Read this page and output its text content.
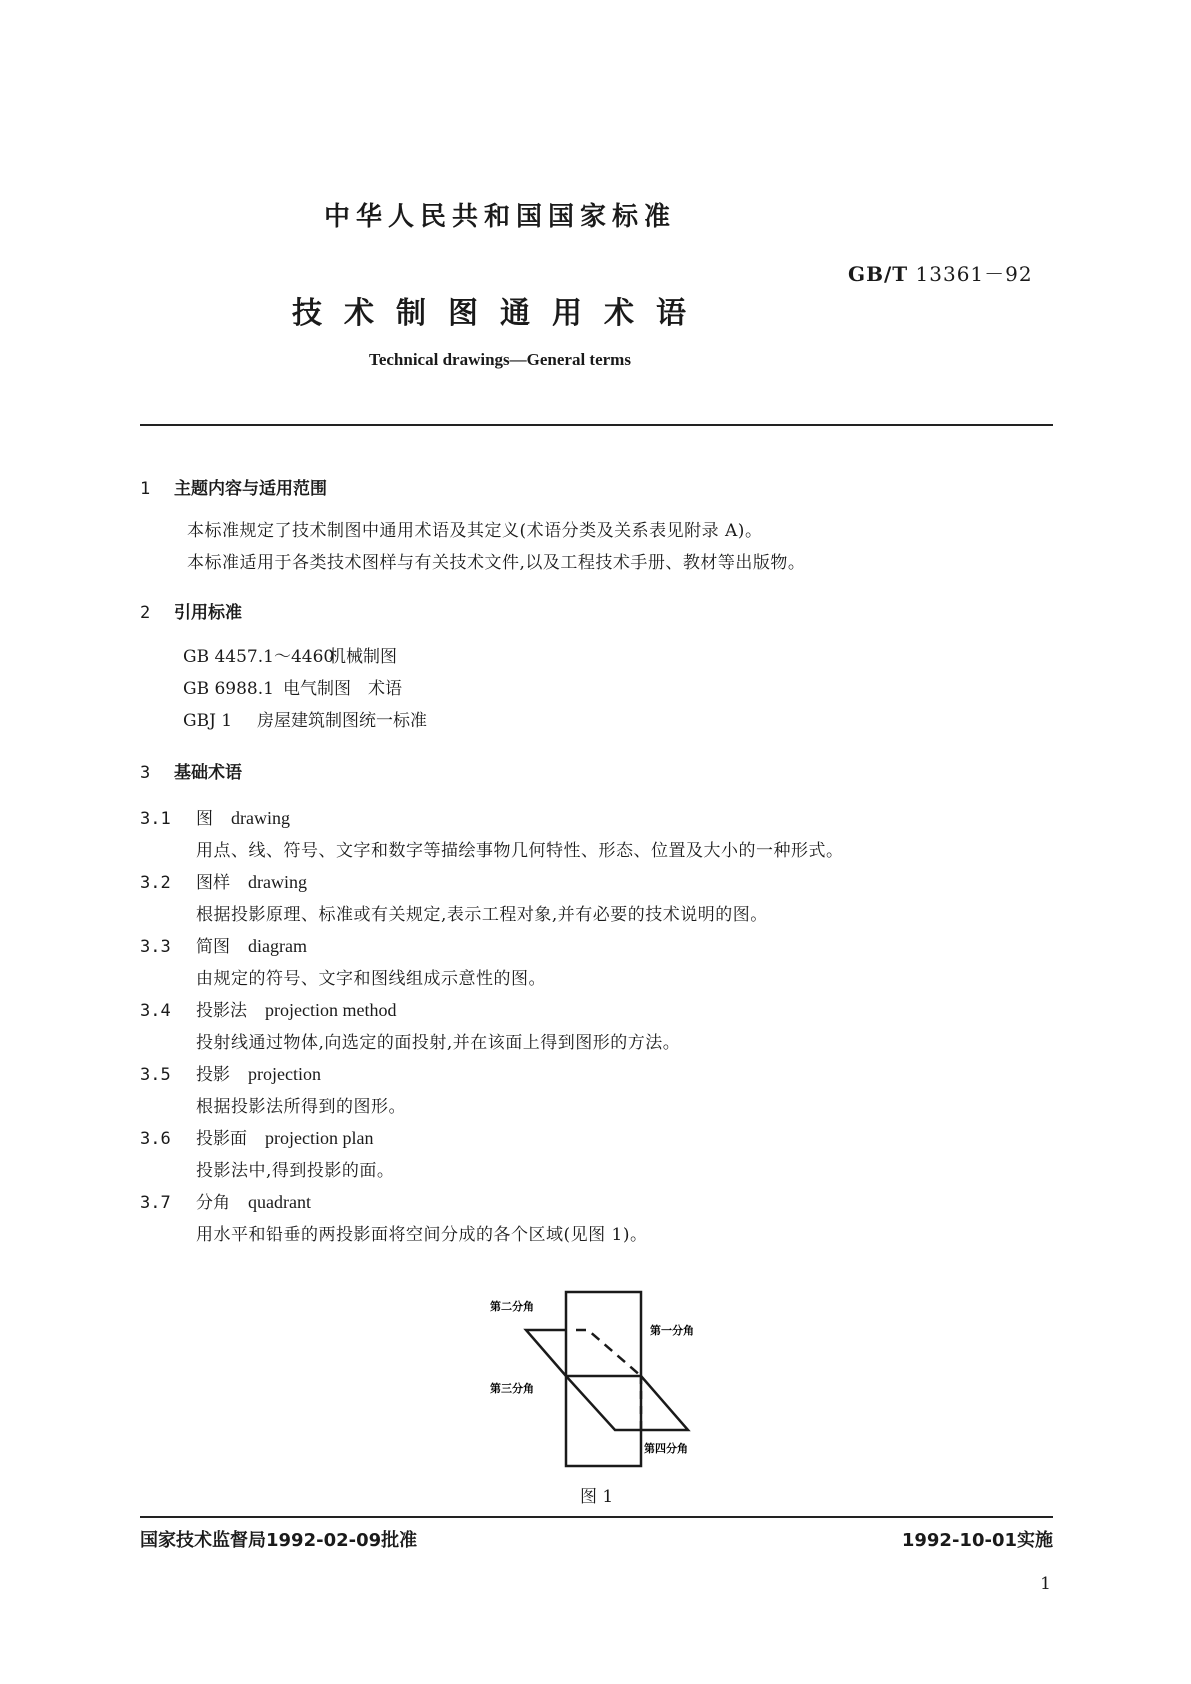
中华人民共和国国家标准
GB/T 13361－92
技术制图通用术语
Technical drawings—General terms
1 主题内容与适用范围
本标准规定了技术制图中通用术语及其定义(术语分类及关系表见附录 A)。
本标准适用于各类技术图样与有关技术文件,以及工程技术手册、教材等出版物。
2 引用标准
GB 4457.1～4460机械制图
GB 6988.1 电气制图　术语
GBJ 1 房屋建筑制图统一标准
3 基础术语
3.1 图 drawing
用点、线、符号、文字和数字等描绘事物几何特性、形态、位置及大小的一种形式。
3.2 图样 drawing
根据投影原理、标准或有关规定,表示工程对象,并有必要的技术说明的图。
3.3 简图 diagram
由规定的符号、文字和图线组成示意性的图。
3.4 投影法 projection method
投射线通过物体,向选定的面投射,并在该面上得到图形的方法。
3.5 投影 projection
根据投影法所得到的图形。
3.6 投影面 projection plan
投影法中,得到投影的面。
3.7 分角 quadrant
用水平和铅垂的两投影面将空间分成的各个区域(见图 1)。
第二分角
第一分角
第三分角
第四分角
图 1
国家技术监督局1992-02-09批准	1992-10-01实施
1
